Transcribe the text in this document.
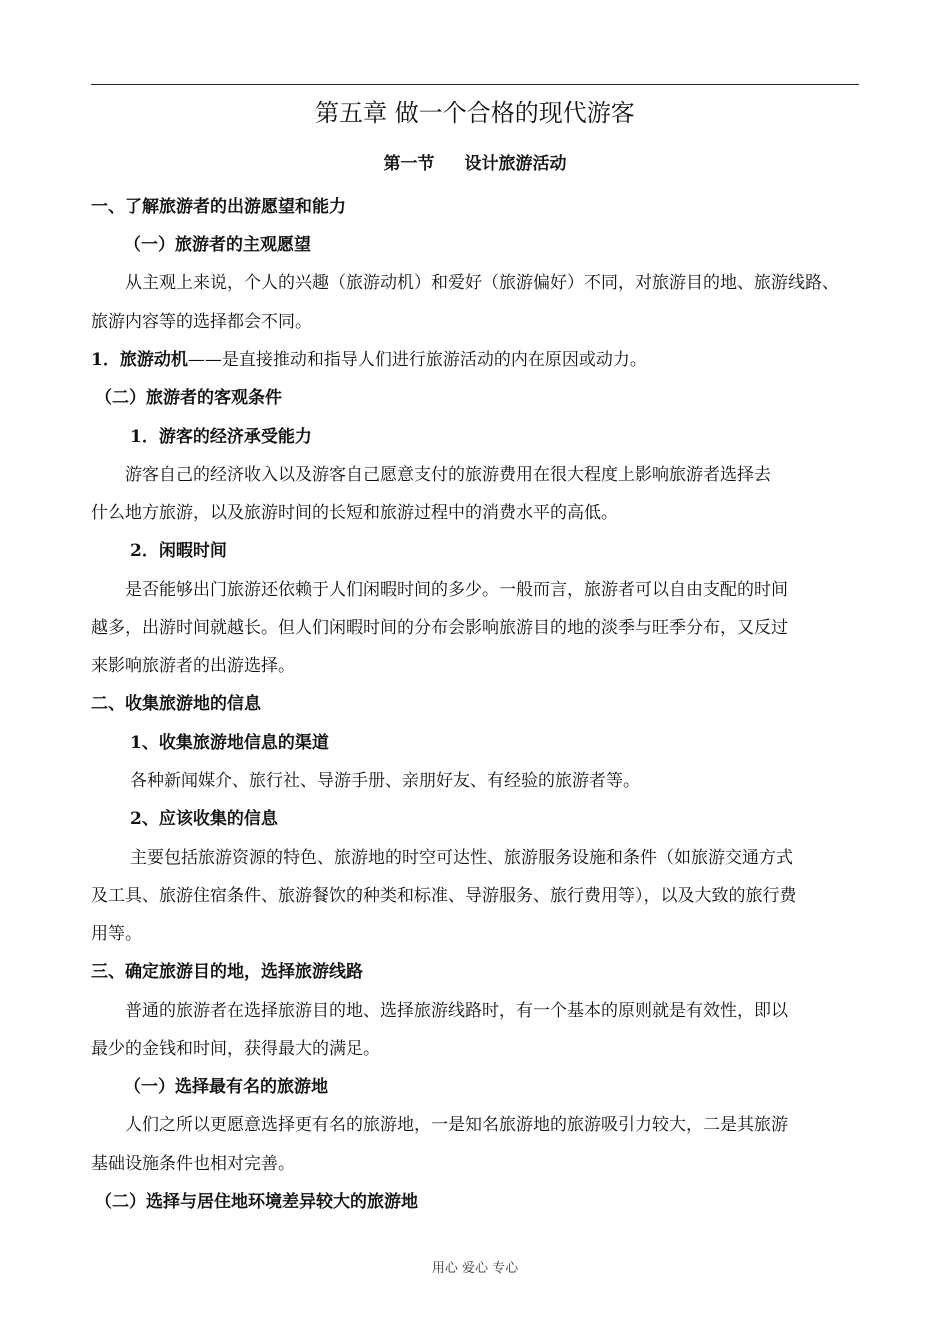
第五章 做一个合格的现代游客
第一节 设计旅游活动
一、了解旅游者的出游愿望和能力
（一）旅游者的主观愿望
从主观上来说，个人的兴趣（旅游动机）和爱好（旅游偏好）不同，对旅游目的地、旅游线路、
旅游内容等的选择都会不同。
1．旅游动机——是直接推动和指导人们进行旅游活动的内在原因或动力。
（二）旅游者的客观条件
1．游客的经济承受能力
游客自己的经济收入以及游客自己愿意支付的旅游费用在很大程度上影响旅游者选择去
什么地方旅游，以及旅游时间的长短和旅游过程中的消费水平的高低。
2．闲暇时间
是否能够出门旅游还依赖于人们闲暇时间的多少。一般而言，旅游者可以自由支配的时间
越多，出游时间就越长。但人们闲暇时间的分布会影响旅游目的地的淡季与旺季分布，又反过
来影响旅游者的出游选择。
二、收集旅游地的信息
1、收集旅游地信息的渠道
各种新闻媒介、旅行社、导游手册、亲朋好友、有经验的旅游者等。
2、应该收集的信息
主要包括旅游资源的特色、旅游地的时空可达性、旅游服务设施和条件（如旅游交通方式
及工具、旅游住宿条件、旅游餐饮的种类和标准、导游服务、旅行费用等），以及大致的旅行费
用等。
三、确定旅游目的地，选择旅游线路
普通的旅游者在选择旅游目的地、选择旅游线路时，有一个基本的原则就是有效性，即以
最少的金钱和时间，获得最大的满足。
（一）选择最有名的旅游地
人们之所以更愿意选择更有名的旅游地，一是知名旅游地的旅游吸引力较大，二是其旅游
基础设施条件也相对完善。
（二）选择与居住地环境差异较大的旅游地
用心 爱心 专心
